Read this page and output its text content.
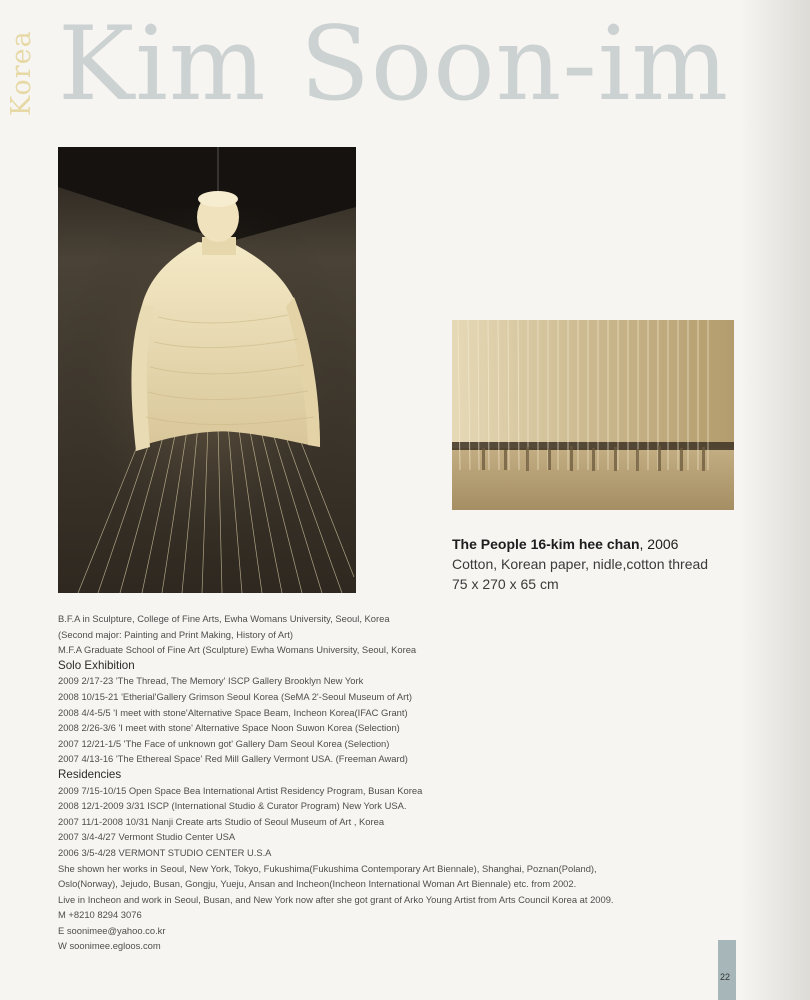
Korea Kim Soon-im
The People 16-kim hee chan, 2006
Cotton, Korean paper, nidle,cotton thread
75 x 270 x 65 cm
B.F.A in Sculpture, College of Fine Arts, Ewha Womans University, Seoul, Korea
(Second major: Painting and Print Making, History of Art)
M.F.A Graduate School of Fine Art (Sculpture) Ewha Womans University, Seoul, Korea
Solo Exhibition
2009 2/17-23 'The Thread, The Memory' ISCP Gallery Brooklyn New York
2008 10/15-21 'Etherial'Gallery Grimson Seoul Korea (SeMA 2'-Seoul Museum of Art)
2008 4/4-5/5 'I meet with stone'Alternative Space Beam, Incheon Korea(IFAC Grant)
2008 2/26-3/6 'I meet with stone' Alternative Space Noon Suwon Korea (Selection)
2007 12/21-1/5 'The Face of unknown got' Gallery Dam Seoul Korea (Selection)
2007 4/13-16 'The Ethereal Space' Red Mill Gallery Vermont USA. (Freeman Award)
Residencies
2009 7/15-10/15 Open Space Bea International Artist Residency Program, Busan Korea
2008 12/1-2009 3/31 ISCP (International Studio & Curator Program) New York USA.
2007 11/1-2008 10/31 Nanji Create arts Studio of Seoul Museum of Art , Korea
2007 3/4-4/27 Vermont Studio Center USA
2006 3/5-4/28 VERMONT STUDIO CENTER U.S.A
She shown her works in Seoul, New York, Tokyo, Fukushima(Fukushima Contemporary Art Biennale), Shanghai, Poznan(Poland),
Oslo(Norway), Jejudo, Busan, Gongju, Yueju, Ansan and Incheon(Incheon International Woman Art Biennale) etc. from 2002.
Live in Incheon and work in Seoul, Busan, and New York now after she got grant of Arko Young Artist from Arts Council Korea at 2009.
M +8210 8294 3076
E soonimee@yahoo.co.kr
W soonimee.egloos.com
22
